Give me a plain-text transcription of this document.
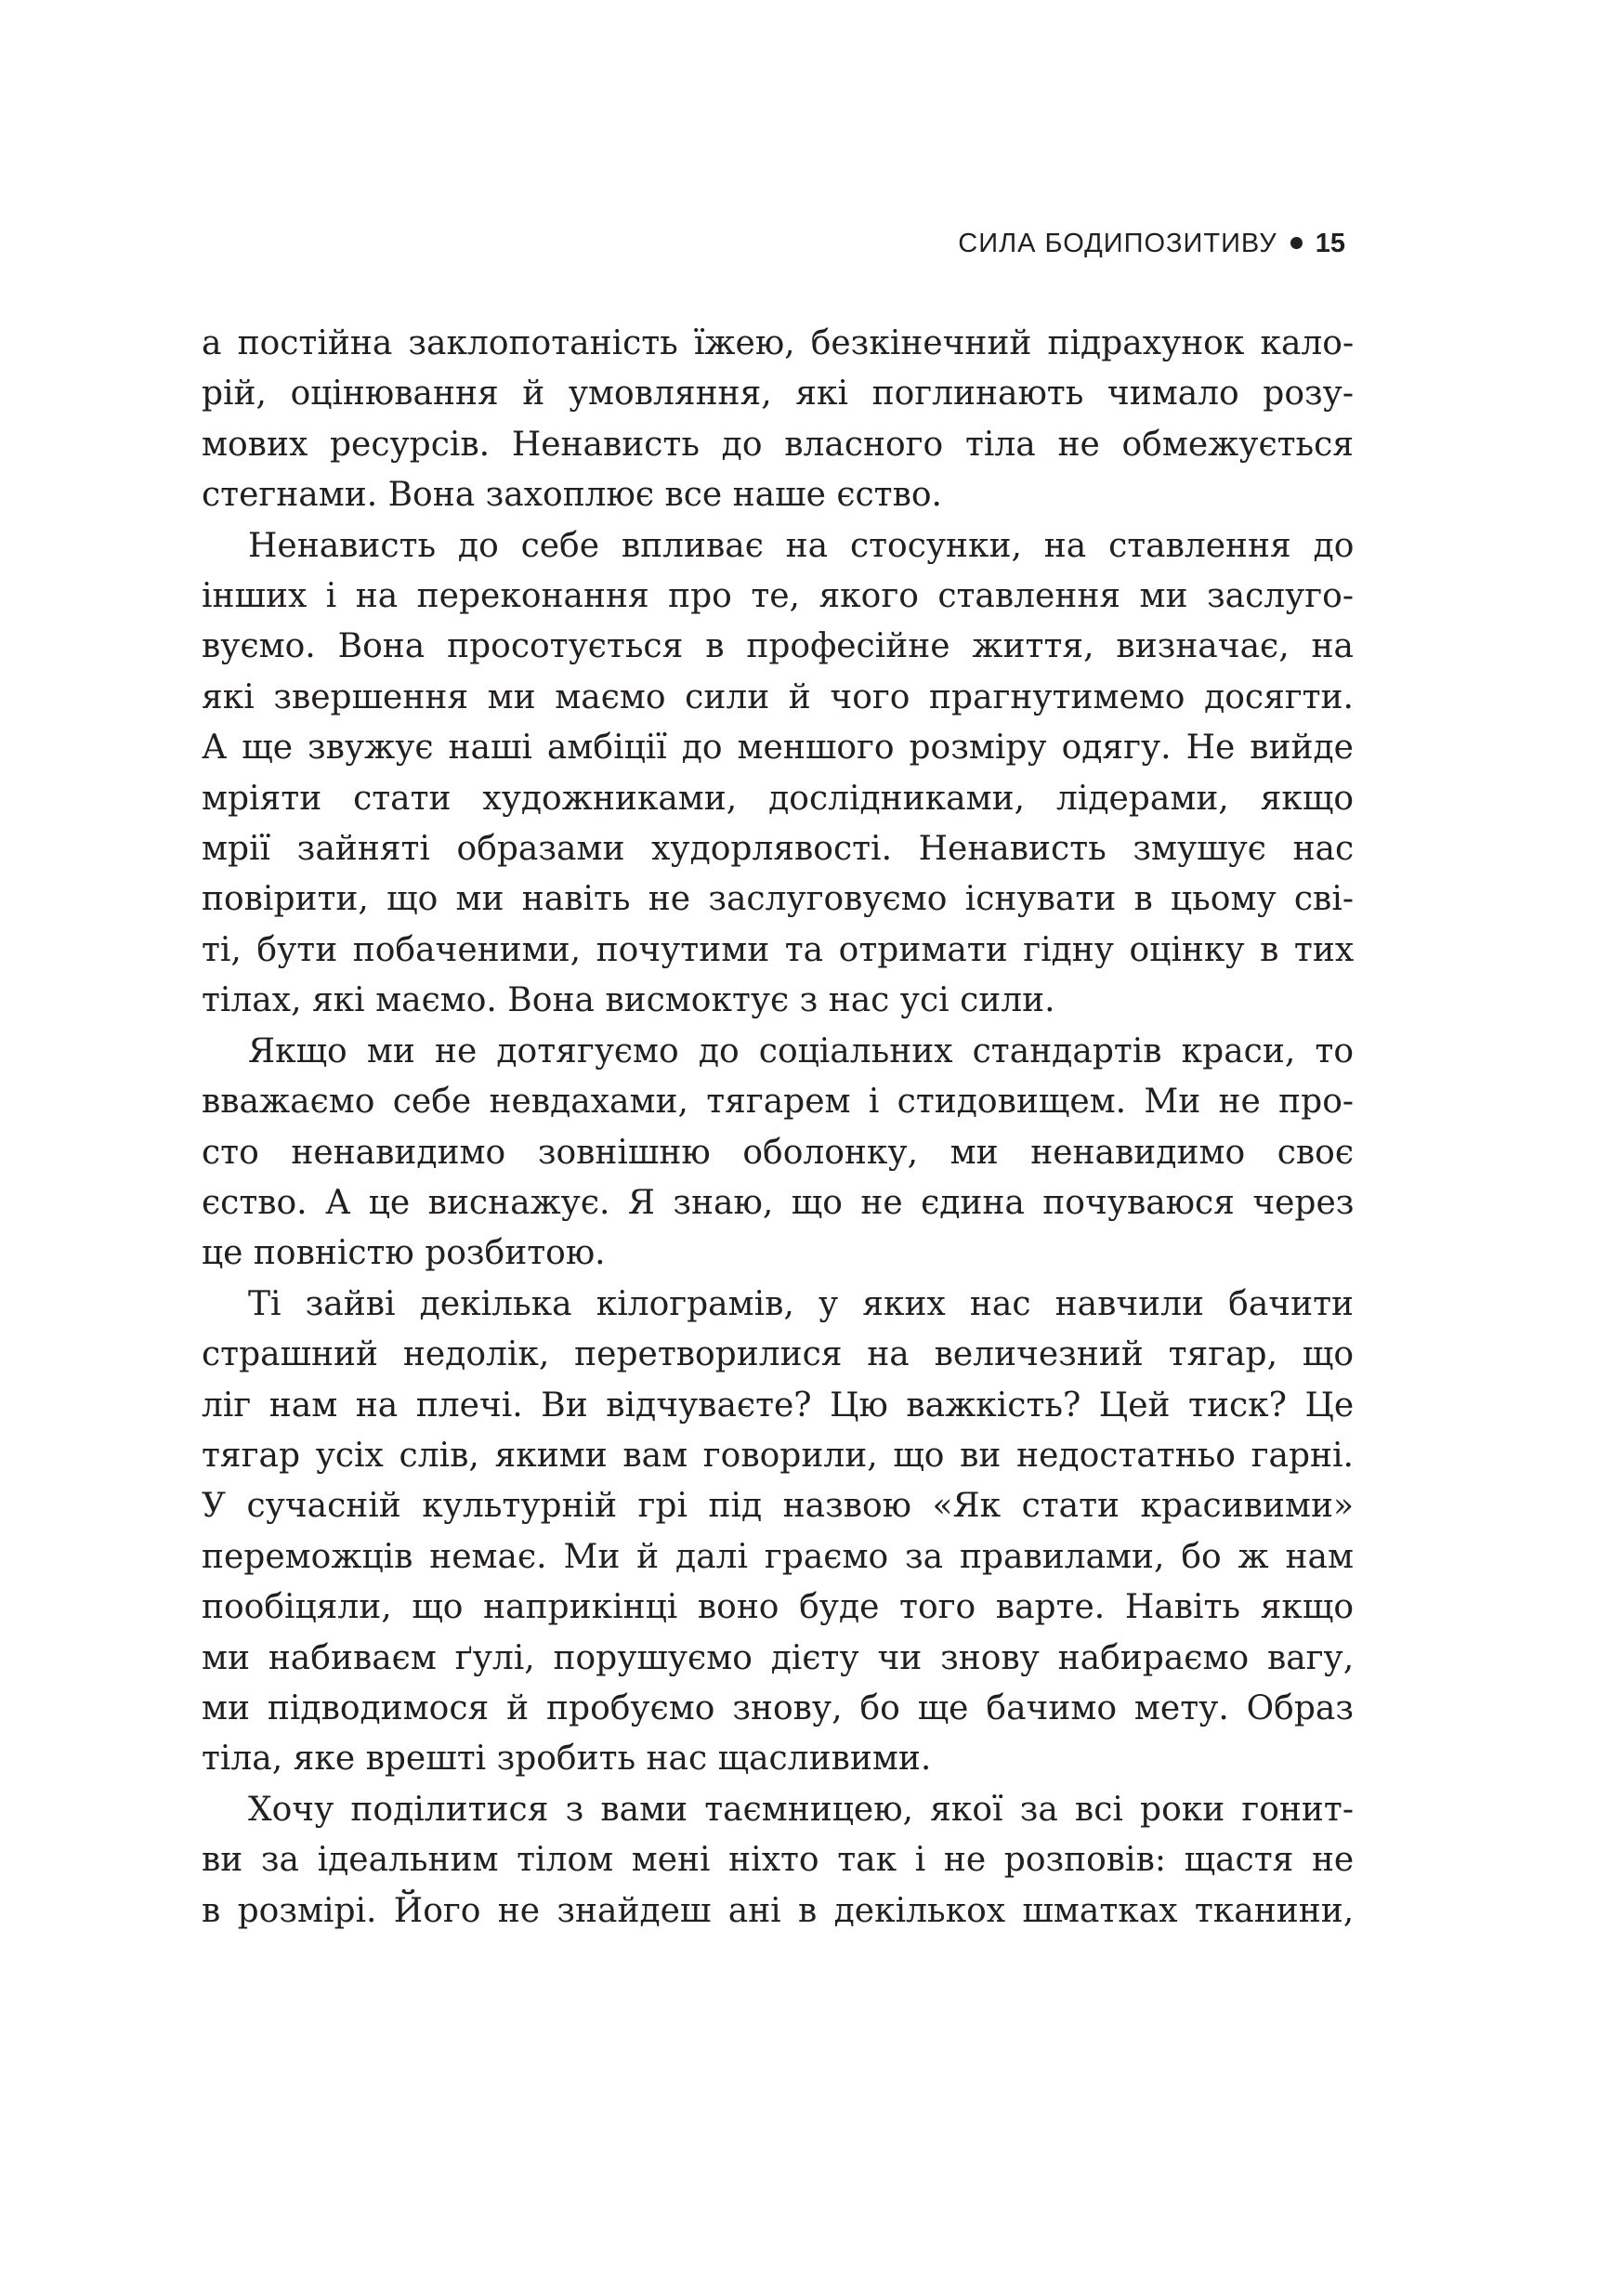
СИЛА БОДИПОЗИТИВУ 15
а постійна заклопотаність їжею, безкінечний підрахунок кало-
рій, оцінювання й умовляння, які поглинають чимало розу-
мових ресурсів. Ненависть до власного тіла не обмежується
стегнами. Вона захоплює все наше єство.
Ненависть до себе впливає на стосунки, на ставлення до
інших і на переконання про те, якого ставлення ми заслуго-
вуємо. Вона просотується в професійне життя, визначає, на
які звершення ми маємо сили й чого прагнутимемо досягти.
А ще звужує наші амбіції до меншого розміру одягу. Не вийде
мріяти стати художниками, дослідниками, лідерами, якщо
мрії зайняті образами худорлявості. Ненависть змушує нас
повірити, що ми навіть не заслуговуємо існувати в цьому сві-
ті, бути побаченими, почутими та отримати гідну оцінку в тих
тілах, які маємо. Вона висмоктує з нас усі сили.
Якщо ми не дотягуємо до соціальних стандартів краси, то
вважаємо себе невдахами, тягарем і стидовищем. Ми не про-
сто ненавидимо зовнішню оболонку, ми ненавидимо своє
єство. А це виснажує. Я знаю, що не єдина почуваюся через
це повністю розбитою.
Ті зайві декілька кілограмів, у яких нас навчили бачити
страшний недолік, перетворилися на величезний тягар, що
ліг нам на плечі. Ви відчуваєте? Цю важкість? Цей тиск? Це
тягар усіх слів, якими вам говорили, що ви недостатньо гарні.
У сучасній культурній грі під назвою «Як стати красивими»
переможців немає. Ми й далі граємо за правилами, бо ж нам
пообіцяли, що наприкінці воно буде того варте. Навіть якщо
ми набиваєм ґулі, порушуємо дієту чи знову набираємо вагу,
ми підводимося й пробуємо знову, бо ще бачимо мету. Образ
тіла, яке врешті зробить нас щасливими.
Хочу поділитися з вами таємницею, якої за всі роки гонит-
ви за ідеальним тілом мені ніхто так і не розповів: щастя не
в розмірі. Його не знайдеш ані в декількох шматках тканини,
